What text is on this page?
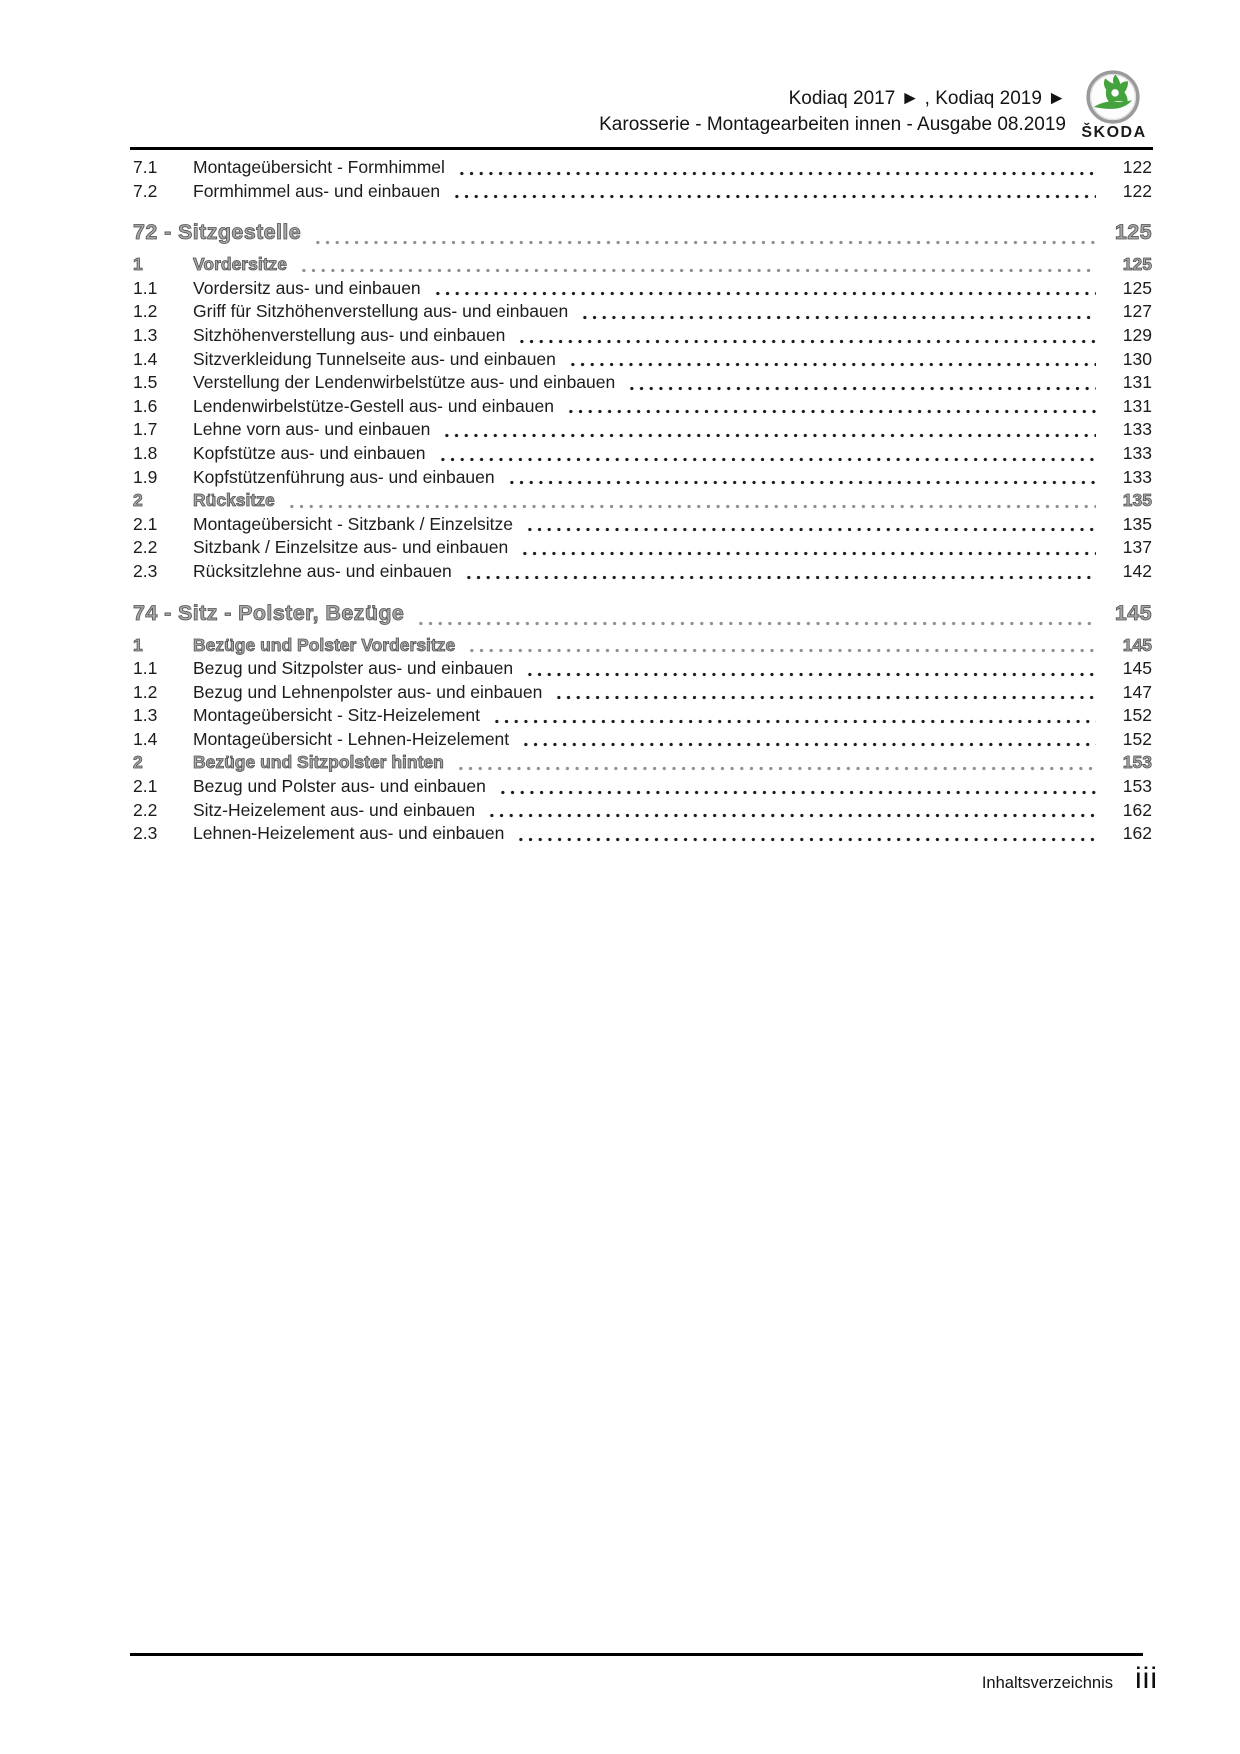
Kodiaq 2017 ► , Kodiaq 2019 ►
Karosserie - Montagearbeiten innen - Ausgabe 08.2019 ŠKODA
7.1	Montageübersicht - Formhimmel	122
7.2	Formhimmel aus- und einbauen	122
72 - Sitzgestelle	125
1	Vordersitze	125
1.1	Vordersitz aus- und einbauen	125
1.2	Griff für Sitzhöhenverstellung aus- und einbauen	127
1.3	Sitzhöhenverstellung aus- und einbauen	129
1.4	Sitzverkleidung Tunnelseite aus- und einbauen	130
1.5	Verstellung der Lendenwirbelstütze aus- und einbauen	131
1.6	Lendenwirbelstütze-Gestell aus- und einbauen	131
1.7	Lehne vorn aus- und einbauen	133
1.8	Kopfstütze aus- und einbauen	133
1.9	Kopfstützenführung aus- und einbauen	133
2	Rücksitze	135
2.1	Montageübersicht - Sitzbank / Einzelsitze	135
2.2	Sitzbank / Einzelsitze aus- und einbauen	137
2.3	Rücksitzlehne aus- und einbauen	142
74 - Sitz - Polster, Bezüge	145
1	Bezüge und Polster Vordersitze	145
1.1	Bezug und Sitzpolster aus- und einbauen	145
1.2	Bezug und Lehnenpolster aus- und einbauen	147
1.3	Montageübersicht - Sitz-Heizelement	152
1.4	Montageübersicht - Lehnen-Heizelement	152
2	Bezüge und Sitzpolster hinten	153
2.1	Bezug und Polster aus- und einbauen	153
2.2	Sitz-Heizelement aus- und einbauen	162
2.3	Lehnen-Heizelement aus- und einbauen	162
Inhaltsverzeichnis iii
